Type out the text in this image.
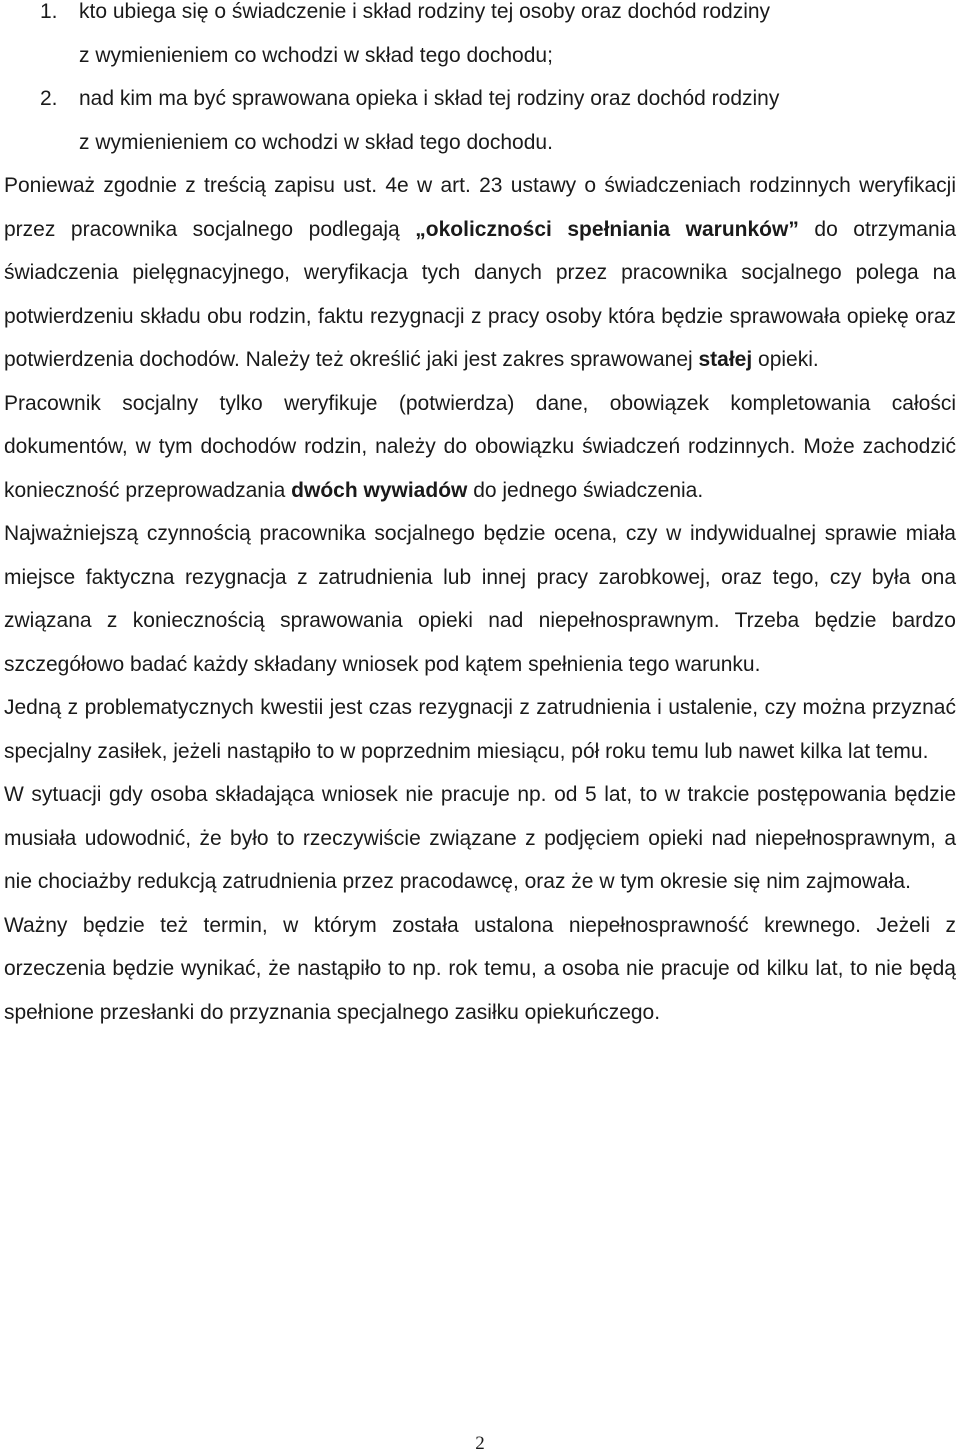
1. kto ubiega się o świadczenie i skład rodziny tej osoby oraz dochód rodziny
z wymienieniem co wchodzi w skład tego dochodu;
2. nad kim ma być sprawowana opieka i skład tej rodziny oraz dochód rodziny
z wymienieniem co wchodzi w skład tego dochodu.

Ponieważ zgodnie z treścią zapisu ust. 4e w art. 23 ustawy o świadczeniach rodzinnych weryfikacji przez pracownika socjalnego podlegają „okoliczności spełniania warunków” do otrzymania świadczenia pielęgnacyjnego, weryfikacja tych danych przez pracownika socjalnego polega na potwierdzeniu składu obu rodzin, faktu rezygnacji z pracy osoby która będzie sprawowała opiekę oraz potwierdzenia dochodów. Należy też określić jaki jest zakres sprawowanej stałej opieki.

Pracownik socjalny tylko weryfikuje (potwierdza) dane, obowiązek kompletowania całości dokumentów, w tym dochodów rodzin, należy do obowiązku świadczeń rodzinnych. Może zachodzić konieczność przeprowadzania dwóch wywiadów do jednego świadczenia.

Najważniejszą czynnością pracownika socjalnego będzie ocena, czy w indywidualnej sprawie miała miejsce faktyczna rezygnacja z zatrudnienia lub innej pracy zarobkowej, oraz tego, czy była ona związana z koniecznością sprawowania opieki nad niepełnosprawnym. Trzeba będzie bardzo szczegółowo badać każdy składany wniosek pod kątem spełnienia tego warunku.

Jedną z problematycznych kwestii jest czas rezygnacji z zatrudnienia i ustalenie, czy można przyznać specjalny zasiłek, jeżeli nastąpiło to w poprzednim miesiącu, pół roku temu lub nawet kilka lat temu.

W sytuacji gdy osoba składająca wniosek nie pracuje np. od 5 lat, to w trakcie postępowania będzie musiała udowodnić, że było to rzeczywiście związane z podjęciem opieki nad niepełnosprawnym, a nie chociażby redukcją zatrudnienia przez pracodawcę, oraz że w tym okresie się nim zajmowała.

Ważny będzie też termin, w którym została ustalona niepełnosprawność krewnego. Jeżeli z orzeczenia będzie wynikać, że nastąpiło to np. rok temu, a osoba nie pracuje od kilku lat, to nie będą spełnione przesłanki do przyznania specjalnego zasiłku opiekuńczego.

2
